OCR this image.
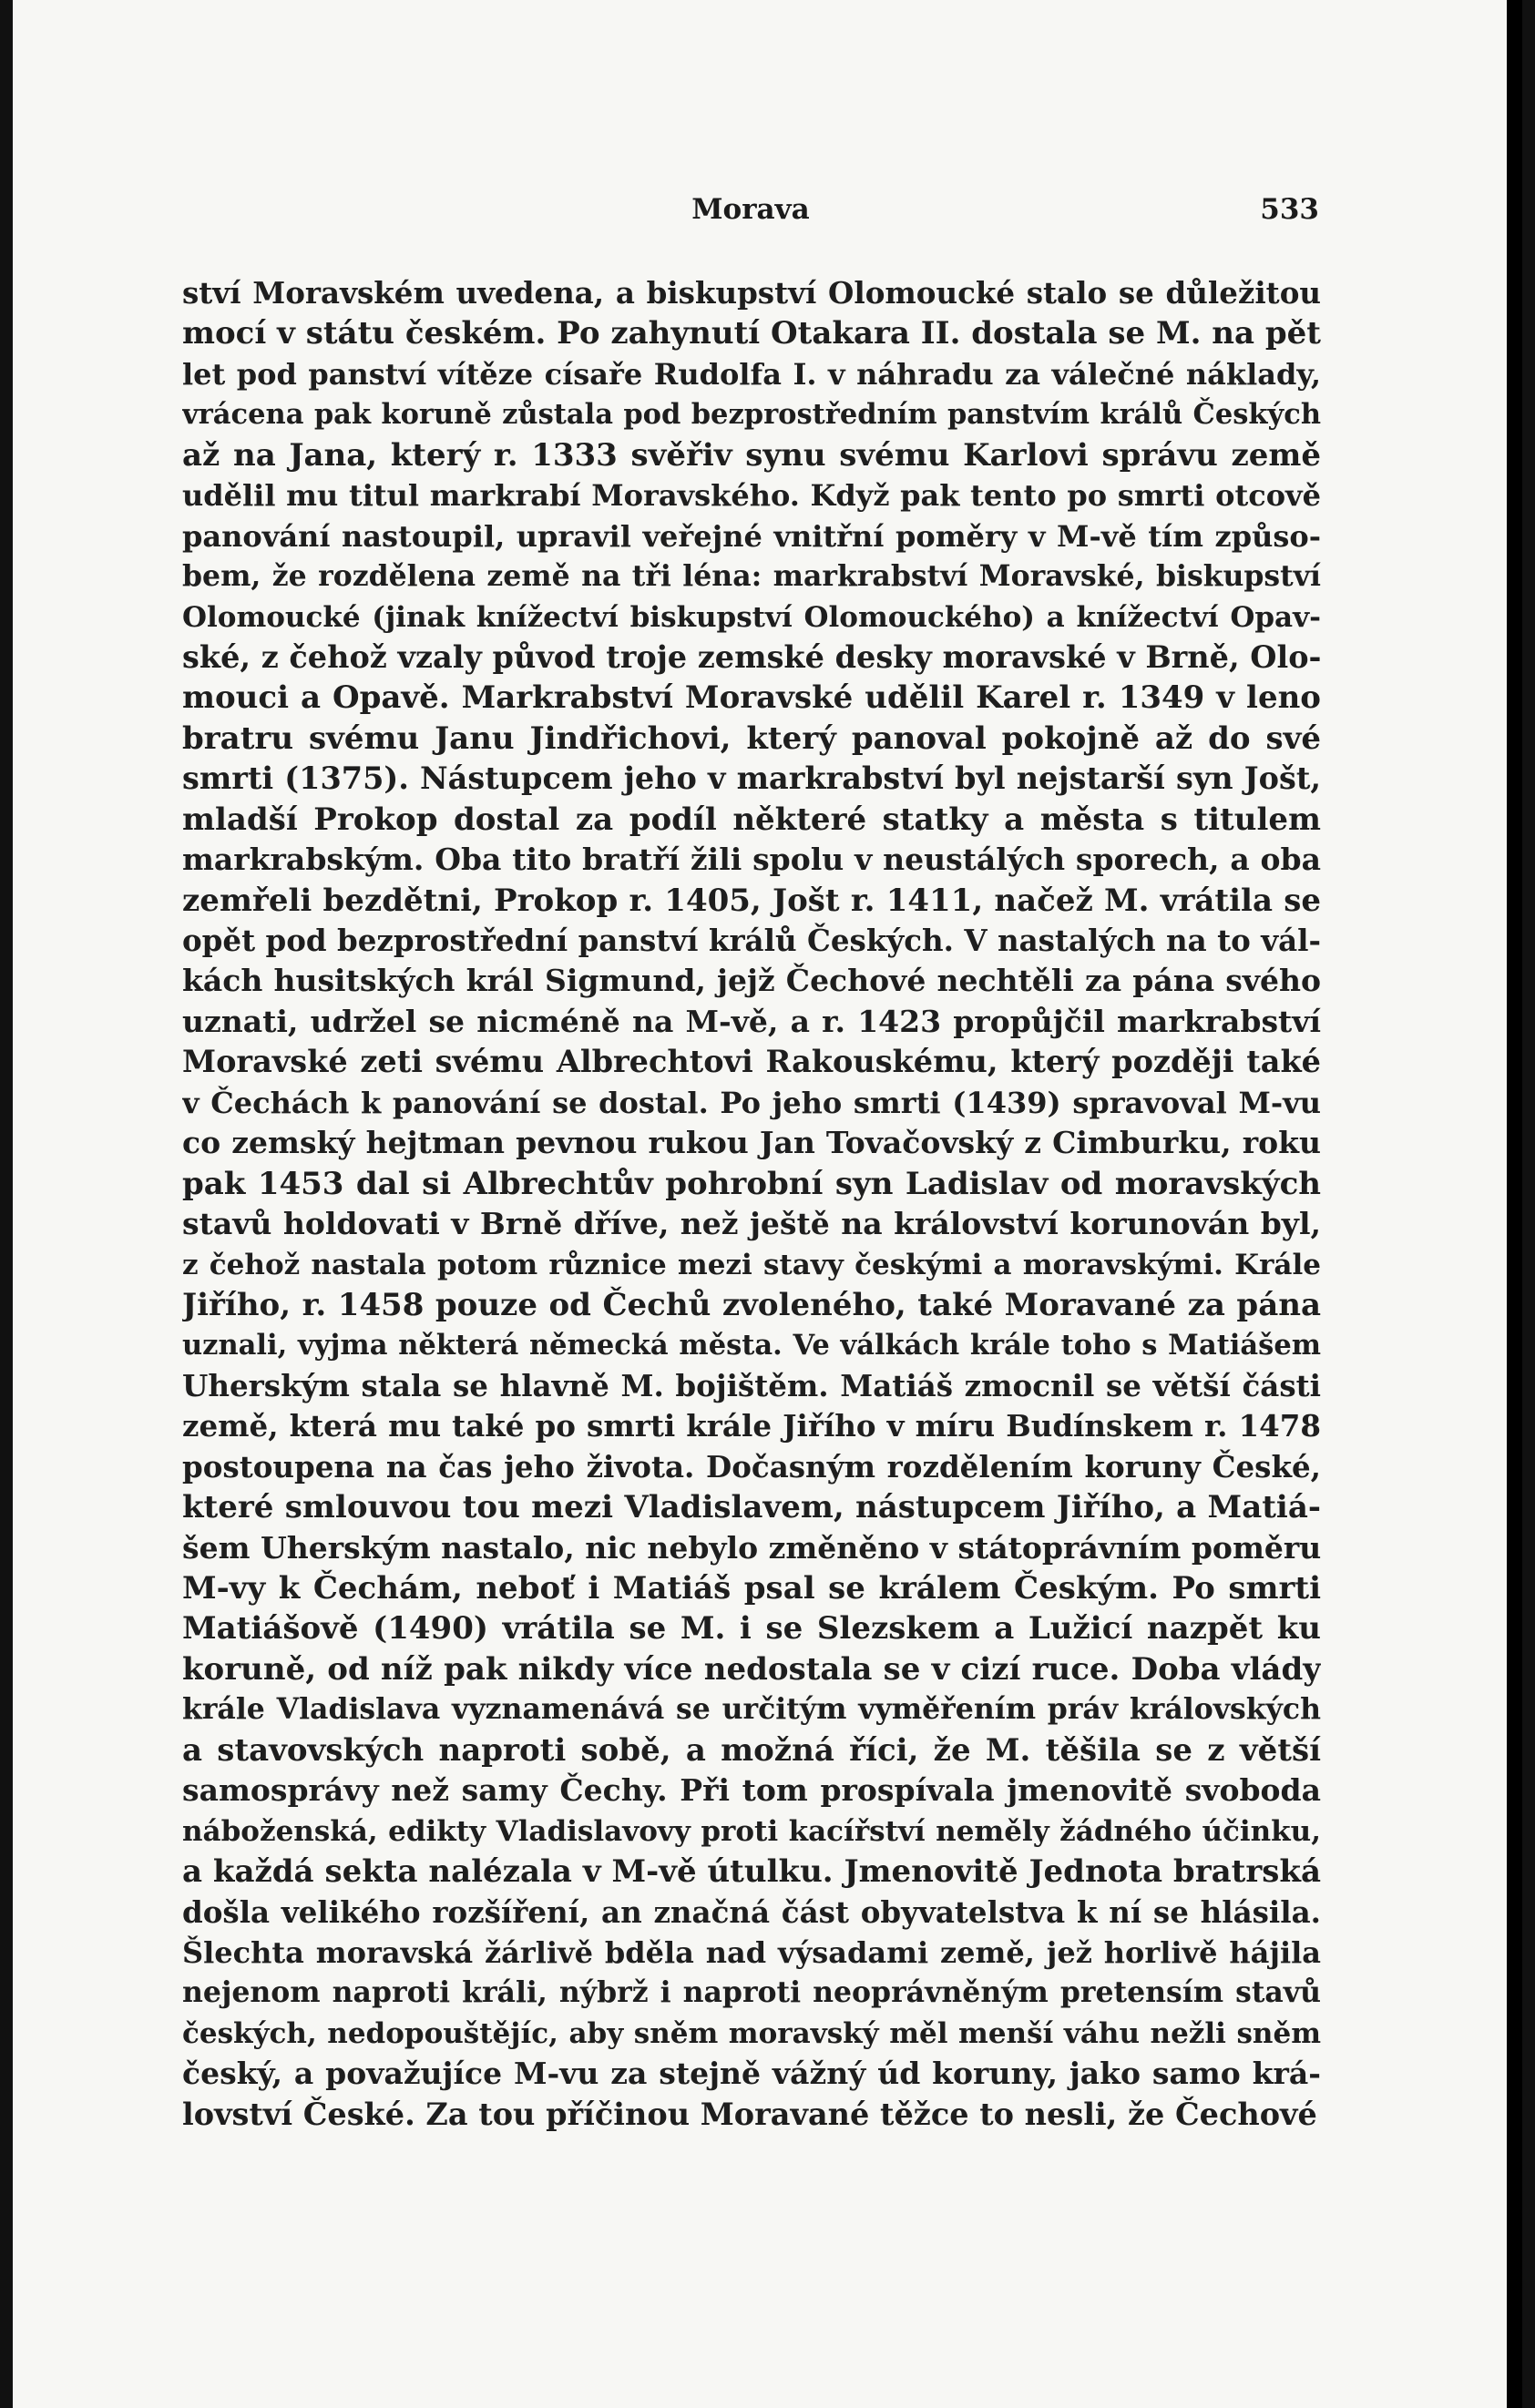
Morava	533
ství Moravském uvedena, a biskupství Olomoucké stalo se důležitou
mocí v státu českém. Po zahynutí Otakara II. dostala se M. na pět
let pod panství vítěze císaře Rudolfa I. v náhradu za válečné náklady,
vrácena pak koruně zůstala pod bezprostředním panstvím králů Českých
až na Jana, který r. 1333 svěřiv synu svému Karlovi správu země
udělil mu titul markrabí Moravského. Když pak tento po smrti otcově
panování nastoupil, upravil veřejné vnitřní poměry v M-vě tím způso-
bem, že rozdělena země na tři léna: markrabství Moravské, biskupství
Olomoucké (jinak knížectví biskupství Olomouckého) a knížectví Opav-
ské, z čehož vzaly původ troje zemské desky moravské v Brně, Olo-
mouci a Opavě. Markrabství Moravské udělil Karel r. 1349 v leno
bratru svému Janu Jindřichovi, který panoval pokojně až do své
smrti (1375). Nástupcem jeho v markrabství byl nejstarší syn Jošt,
mladší Prokop dostal za podíl některé statky a města s titulem
markrabským. Oba tito bratří žili spolu v neustálých sporech, a oba
zemřeli bezdětni, Prokop r. 1405, Jošt r. 1411, načež M. vrátila se
opět pod bezprostřední panství králů Českých. V nastalých na to vál-
kách husitských král Sigmund, jejž Čechové nechtěli za pána svého
uznati, udržel se nicméně na M-vě, a r. 1423 propůjčil markrabství
Moravské zeti svému Albrechtovi Rakouskému, který později také
v Čechách k panování se dostal. Po jeho smrti (1439) spravoval M-vu
co zemský hejtman pevnou rukou Jan Tovačovský z Cimburku, roku
pak 1453 dal si Albrechtův pohrobní syn Ladislav od moravských
stavů holdovati v Brně dříve, než ještě na království korunován byl,
z čehož nastala potom různice mezi stavy českými a moravskými. Krále
Jiřího, r. 1458 pouze od Čechů zvoleného, také Moravané za pána
uznali, vyjma některá německá města. Ve válkách krále toho s Matiášem
Uherským stala se hlavně M. bojištěm. Matiáš zmocnil se větší části
země, která mu také po smrti krále Jiřího v míru Budínskem r. 1478
postoupena na čas jeho života. Dočasným rozdělením koruny České,
které smlouvou tou mezi Vladislavem, nástupcem Jiřího, a Matiá-
šem Uherským nastalo, nic nebylo změněno v státoprávním poměru
M-vy k Čechám, neboť i Matiáš psal se králem Českým. Po smrti
Matiášově (1490) vrátila se M. i se Slezskem a Lužicí nazpět ku
koruně, od níž pak nikdy více nedostala se v cizí ruce. Doba vlády
krále Vladislava vyznamenává se určitým vyměřením práv královských
a stavovských naproti sobě, a možná říci, že M. těšila se z větší
samosprávy než samy Čechy. Při tom prospívala jmenovitě svoboda
náboženská, edikty Vladislavovy proti kacířství neměly žádného účinku,
a každá sekta nalézala v M-vě útulku. Jmenovitě Jednota bratrská
došla velikého rozšíření, an značná část obyvatelstva k ní se hlásila.
Šlechta moravská žárlivě bděla nad výsadami země, jež horlivě hájila
nejenom naproti králi, nýbrž i naproti neoprávněným pretensím stavů
českých, nedopouštějíc, aby sněm moravský měl menší váhu nežli sněm
český, a považujíce M-vu za stejně vážný úd koruny, jako samo krá-
lovství České. Za tou příčinou Moravané těžce to nesli, že Čechové
